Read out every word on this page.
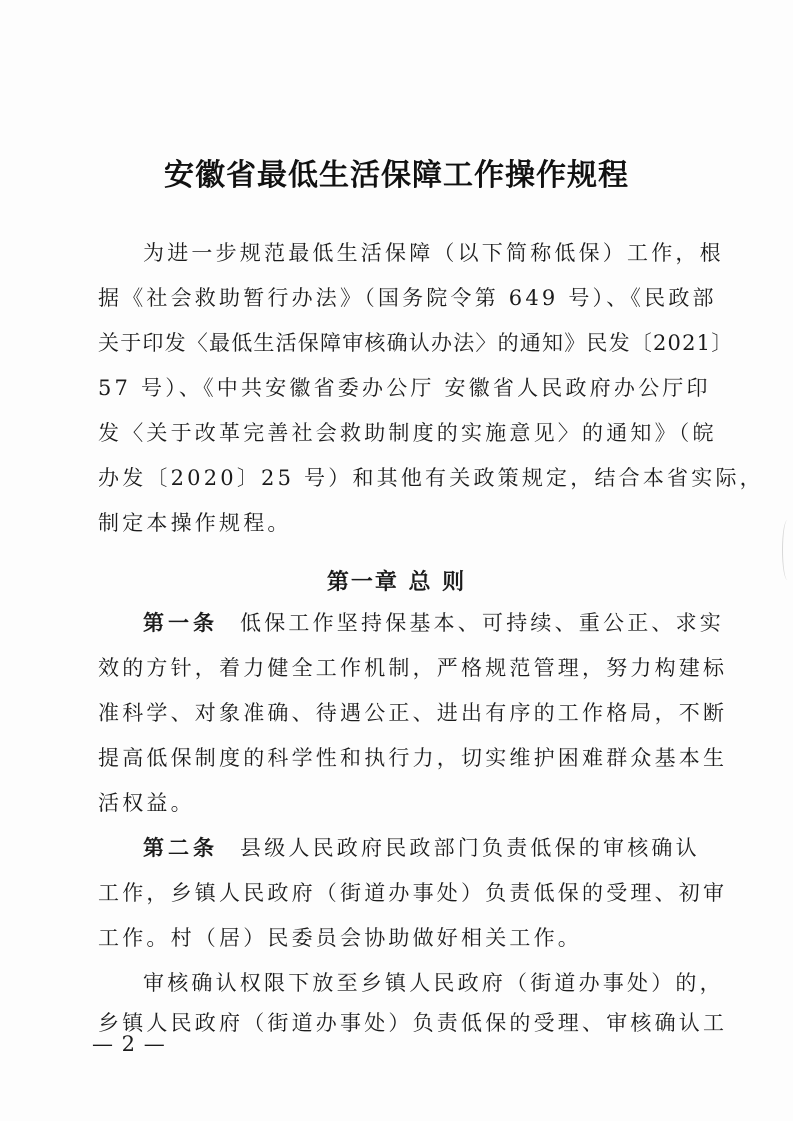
安徽省最低生活保障工作操作规程

为进一步规范最低生活保障（以下简称低保）工作，根

据《社会救助暂行办法》（国务院令第 649 号）、《民政部

关于印发〈最低生活保障审核确认办法〉的通知》民发〔2021〕

57 号）、《中共安徽省委办公厅 安徽省人民政府办公厅印

发〈关于改革完善社会救助制度的实施意见〉的通知》（皖

办发〔2020〕25 号）和其他有关政策规定，结合本省实际，

制定本操作规程。

第一章 总 则

第一条 低保工作坚持保基本、可持续、重公正、求实

效的方针，着力健全工作机制，严格规范管理，努力构建标

准科学、对象准确、待遇公正、进出有序的工作格局，不断

提高低保制度的科学性和执行力，切实维护困难群众基本生

活权益。

第二条 县级人民政府民政部门负责低保的审核确认

工作，乡镇人民政府（街道办事处）负责低保的受理、初审

工作。村（居）民委员会协助做好相关工作。

审核确认权限下放至乡镇人民政府（街道办事处）的，

乡镇人民政府（街道办事处）负责低保的受理、审核确认工

— 2 —
